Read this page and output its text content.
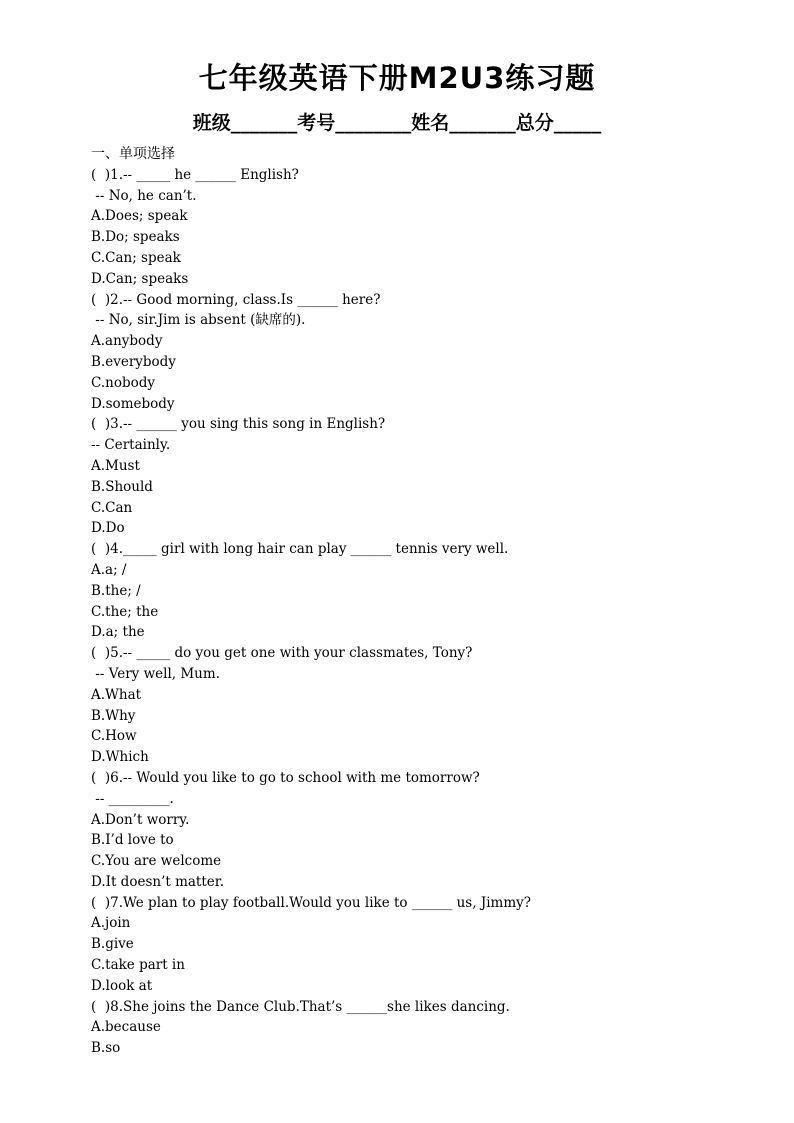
七年级英语下册M2U3练习题
班级_______考号________姓名_______总分_____
一、单项选择
(  )1.-- _____ he ______ English?
-- No, he can’t.
A.Does; speak
B.Do; speaks
C.Can; speak
D.Can; speaks
(  )2.-- Good morning, class.Is ______ here?
-- No, sir.Jim is absent (缺席的).
A.anybody
B.everybody
C.nobody
D.somebody
(  )3.-- ______ you sing this song in English?
-- Certainly.
A.Must
B.Should
C.Can
D.Do
(  )4._____ girl with long hair can play ______ tennis very well.
A.a; /
B.the; /
C.the; the
D.a; the
(  )5.-- _____ do you get one with your classmates, Tony?
-- Very well, Mum.
A.What
B.Why
C.How
D.Which
(  )6.-- Would you like to go to school with me tomorrow?
-- _________.
A.Don’t worry.
B.I’d love to
C.You are welcome
D.It doesn’t matter.
(  )7.We plan to play football.Would you like to ______ us, Jimmy?
A.join
B.give
C.take part in
D.look at
(  )8.She joins the Dance Club.That’s ______she likes dancing.
A.because
B.so
